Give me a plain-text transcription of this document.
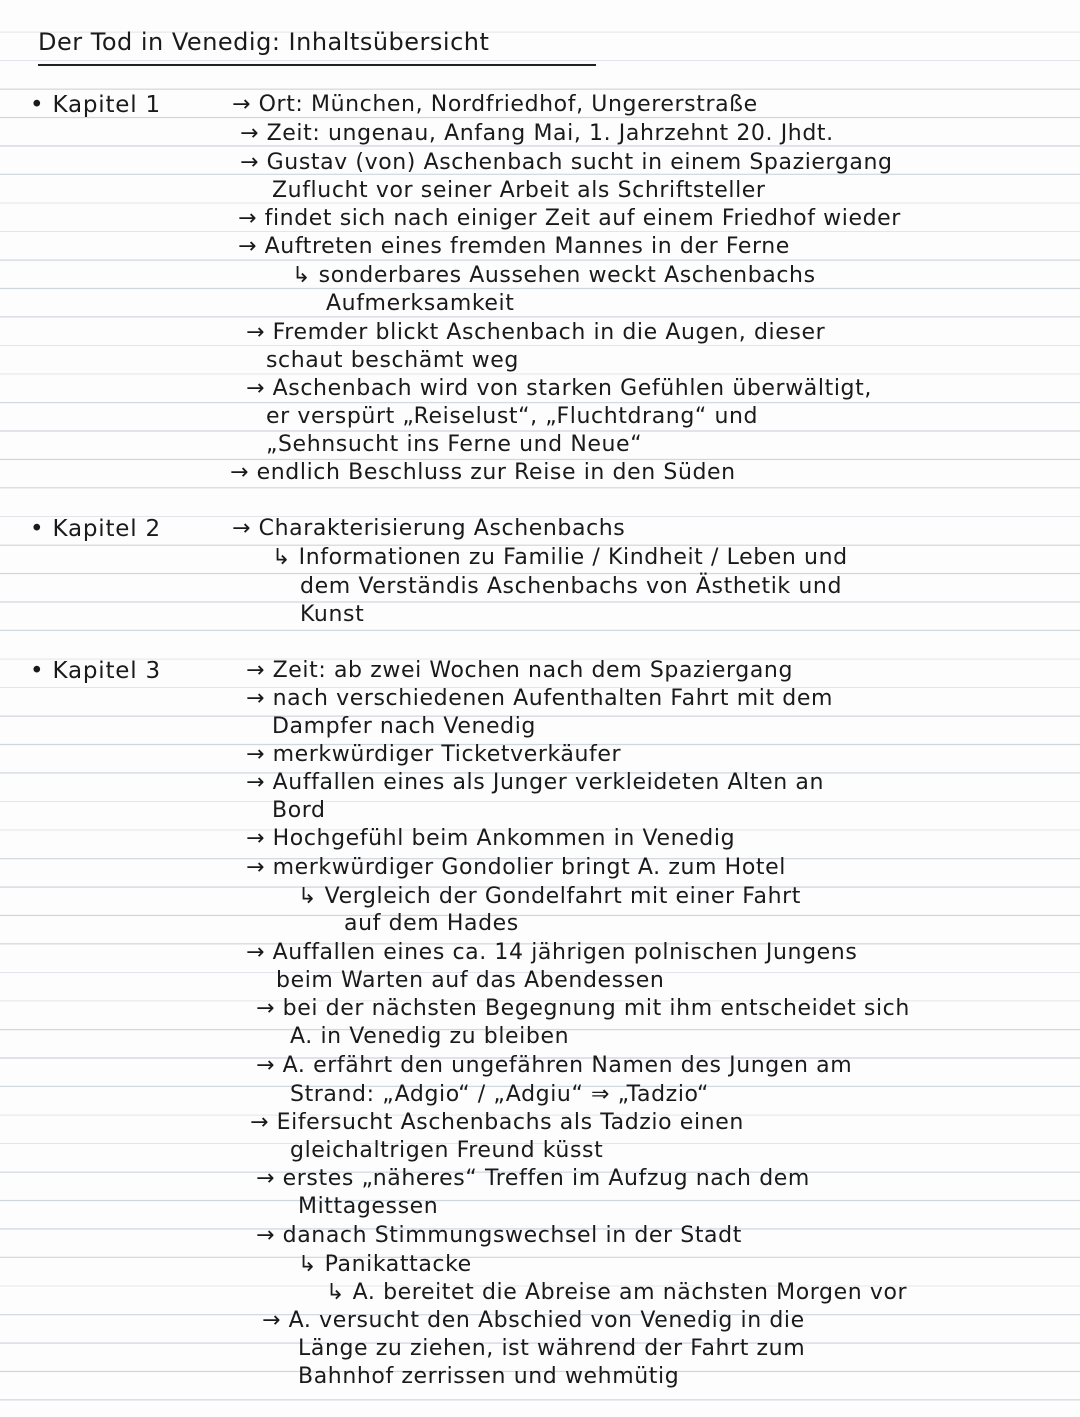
Der Tod in Venedig: Inhaltsübersicht
• Kapitel 1	→ Ort: München, Nordfriedhof, Ungererstraße
→ Zeit: ungenau, Anfang Mai, 1. Jahrzehnt 20. Jhdt.
→ Gustav (von) Aschenbach sucht in einem Spaziergang
Zuflucht vor seiner Arbeit als Schriftsteller
→ findet sich nach einiger Zeit auf einem Friedhof wieder
→ Auftreten eines fremden Mannes in der Ferne
↳ sonderbares Aussehen weckt Aschenbachs
Aufmerksamkeit
→ Fremder blickt Aschenbach in die Augen, dieser
schaut beschämt weg
→ Aschenbach wird von starken Gefühlen überwältigt,
er verspürt „Reiselust“, „Fluchtdrang“ und
„Sehnsucht ins Ferne und Neue“
→ endlich Beschluss zur Reise in den Süden
• Kapitel 2	→ Charakterisierung Aschenbachs
↳ Informationen zu Familie / Kindheit / Leben und
dem Verständis Aschenbachs von Ästhetik und
Kunst
• Kapitel 3	→ Zeit: ab zwei Wochen nach dem Spaziergang
→ nach verschiedenen Aufenthalten Fahrt mit dem
Dampfer nach Venedig
→ merkwürdiger Ticketverkäufer
→ Auffallen eines als Junger verkleideten Alten an
Bord
→ Hochgefühl beim Ankommen in Venedig
→ merkwürdiger Gondolier bringt A. zum Hotel
↳ Vergleich der Gondelfahrt mit einer Fahrt
auf dem Hades
→ Auffallen eines ca. 14 jährigen polnischen Jungens
beim Warten auf das Abendessen
→ bei der nächsten Begegnung mit ihm entscheidet sich
A. in Venedig zu bleiben
→ A. erfährt den ungefähren Namen des Jungen am
Strand: „Adgio“ / „Adgiu“ ⇒ „Tadzio“
→ Eifersucht Aschenbachs als Tadzio einen
gleichaltrigen Freund küsst
→ erstes „näheres“ Treffen im Aufzug nach dem
Mittagessen
→ danach Stimmungswechsel in der Stadt
↳ Panikattacke
↳ A. bereitet die Abreise am nächsten Morgen vor
→ A. versucht den Abschied von Venedig in die
Länge zu ziehen, ist während der Fahrt zum
Bahnhof zerrissen und wehmütig
